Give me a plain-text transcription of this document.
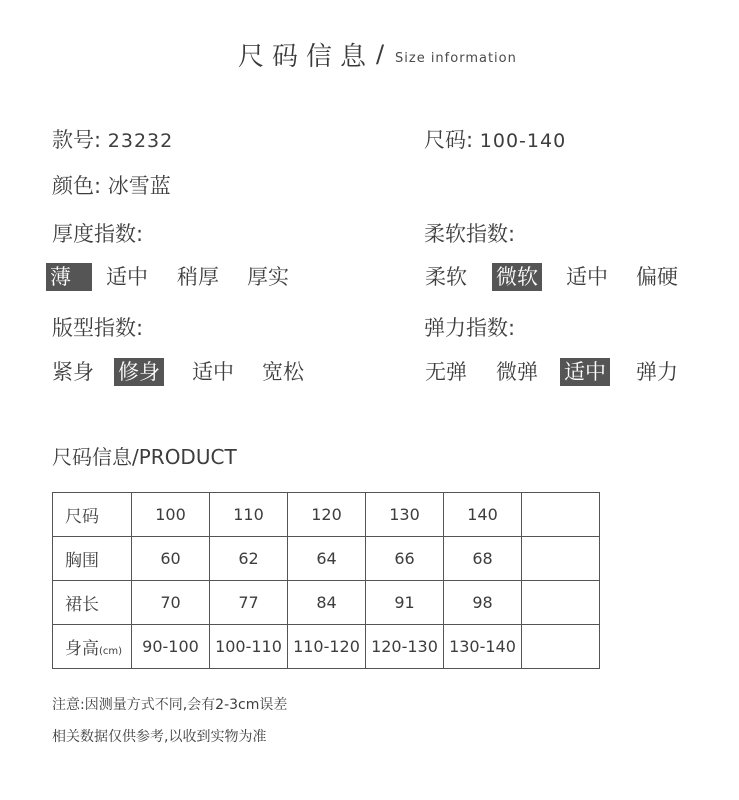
尺码信息 / Size information
款号: 23232	尺码: 100-140
颜色: 冰雪蓝
厚度指数:
薄	适中 稍厚 厚实
柔软指数:
柔软 微软 适中 偏硬
版型指数:
紧身 修身 适中 宽松
弹力指数:
无弹 微弹 适中 弹力
尺码信息/PRODUCT
尺码	100	110	120	130	140	
胸围	60	62	64	66	68	
裙长	70	77	84	91	98	
身高(cm)	90-100	100-110	110-120	120-130	130-140	
注意:因测量方式不同,会有2-3cm误差
相关数据仅供参考,以收到实物为准
